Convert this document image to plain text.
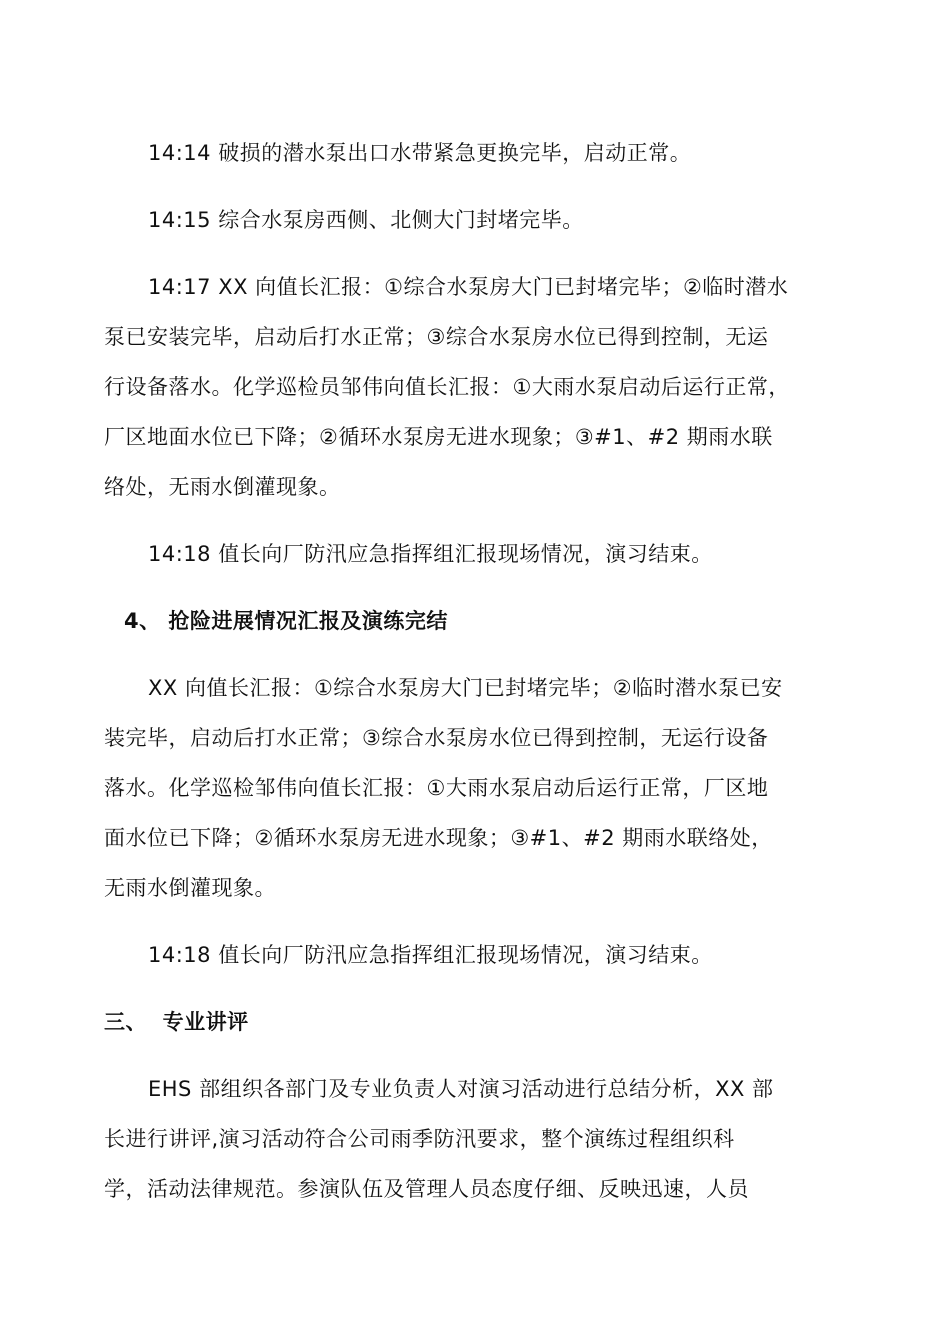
14:14 破损的潜水泵出口水带紧急更换完毕，启动正常。

14:15 综合水泵房西侧、北侧大门封堵完毕。

14:17 XX 向值长汇报：①综合水泵房大门已封堵完毕；②临时潜水
泵已安装完毕，启动后打水正常；③综合水泵房水位已得到控制，无运
行设备落水。化学巡检员邹伟向值长汇报：①大雨水泵启动后运行正常，
厂区地面水位已下降；②循环水泵房无进水现象；③#1、#2 期雨水联
络处，无雨水倒灌现象。

14:18 值长向厂防汛应急指挥组汇报现场情况，演习结束。

4、 抢险进展情况汇报及演练完结

XX 向值长汇报：①综合水泵房大门已封堵完毕；②临时潜水泵已安
装完毕，启动后打水正常；③综合水泵房水位已得到控制，无运行设备
落水。化学巡检邹伟向值长汇报：①大雨水泵启动后运行正常，厂区地
面水位已下降；②循环水泵房无进水现象；③#1、#2 期雨水联络处，
无雨水倒灌现象。

14:18 值长向厂防汛应急指挥组汇报现场情况，演习结束。

三、  专业讲评

EHS 部组织各部门及专业负责人对演习活动进行总结分析，XX 部
长进行讲评,演习活动符合公司雨季防汛要求，整个演练过程组织科
学，活动法律规范。参演队伍及管理人员态度仔细、反映迅速，人员
